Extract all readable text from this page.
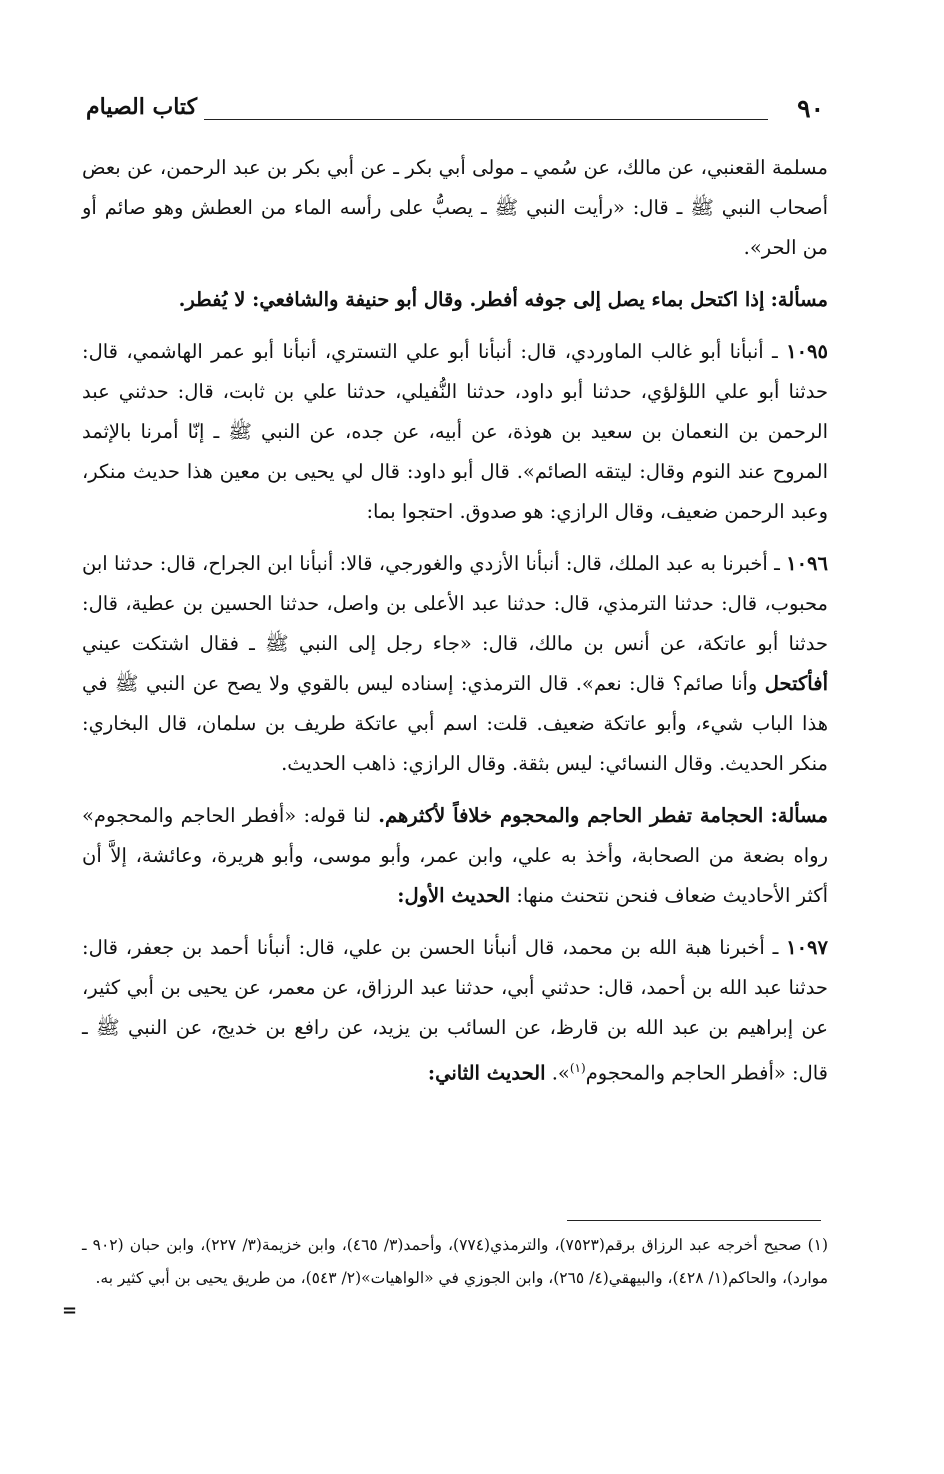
٩٠
كتاب الصيام

مسلمة القعنبي، عن مالك، عن سُمي ـ مولى أبي بكر ـ عن أبي بكر بن عبد الرحمن، عن بعض أصحاب النبي ﷺ ـ قال: «رأيت النبي ﷺ ـ يصبُّ على رأسه الماء من العطش وهو صائم أو من الحر».

مسألة: إذا اكتحل بماء يصل إلى جوفه أفطر. وقال أبو حنيفة والشافعي: لا يُفطر.

١٠٩٥ ـ أنبأنا أبو غالب الماوردي، قال: أنبأنا أبو علي التستري، أنبأنا أبو عمر الهاشمي، قال: حدثنا أبو علي اللؤلؤي، حدثنا أبو داود، حدثنا النُّفيلي، حدثنا علي بن ثابت، قال: حدثني عبد الرحمن بن النعمان بن سعيد بن هوذة، عن أبيه، عن جده، عن النبي ﷺ ـ إنّا أمرنا بالإثمد المروح عند النوم وقال: ليتقه الصائم». قال أبو داود: قال لي يحيى بن معين هذا حديث منكر، وعبد الرحمن ضعيف، وقال الرازي: هو صدوق. احتجوا بما:

١٠٩٦ ـ أخبرنا به عبد الملك، قال: أنبأنا الأزدي والغورجي، قالا: أنبأنا ابن الجراح، قال: حدثنا ابن محبوب، قال: حدثنا الترمذي، قال: حدثنا عبد الأعلى بن واصل، حدثنا الحسين بن عطية، قال: حدثنا أبو عاتكة، عن أنس بن مالك، قال: «جاء رجل إلى النبي ﷺ ـ فقال اشتكت عيني أفأكتحل وأنا صائم؟ قال: نعم». قال الترمذي: إسناده ليس بالقوي ولا يصح عن النبي ﷺ في هذا الباب شيء، وأبو عاتكة ضعيف. قلت: اسم أبي عاتكة طريف بن سلمان، قال البخاري: منكر الحديث. وقال النسائي: ليس بثقة. وقال الرازي: ذاهب الحديث.

مسألة: الحجامة تفطر الحاجم والمحجوم خلافاً لأكثرهم. لنا قوله: «أفطر الحاجم والمحجوم» رواه بضعة من الصحابة، وأخذ به علي، وابن عمر، وأبو موسى، وأبو هريرة، وعائشة، إلاَّ أن أكثر الأحاديث ضعاف فنحن نتحنث منها: الحديث الأول:

١٠٩٧ ـ أخبرنا هبة الله بن محمد، قال أنبأنا الحسن بن علي، قال: أنبأنا أحمد بن جعفر، قال: حدثنا عبد الله بن أحمد، قال: حدثني أبي، حدثنا عبد الرزاق، عن معمر، عن يحيى بن أبي كثير، عن إبراهيم بن عبد الله بن قارظ، عن السائب بن يزيد، عن رافع بن خديج، عن النبي ﷺ ـ قال: «أفطر الحاجم والمحجوم$^{(١)}$». الحديث الثاني:

(١) صحيح أخرجه عبد الرزاق برقم(٧٥٢٣)، والترمذي(٧٧٤)، وأحمد(٣/ ٤٦٥)، وابن خزيمة(٣/ ٢٢٧)، وابن حبان (٩٠٢ ـ موارد)، والحاكم(١/ ٤٢٨)، والبيهقي(٤/ ٢٦٥)، وابن الجوزي في «الواهيات»(٢/ ٥٤٣)، من طريق يحيى بن أبي كثير به.

=
